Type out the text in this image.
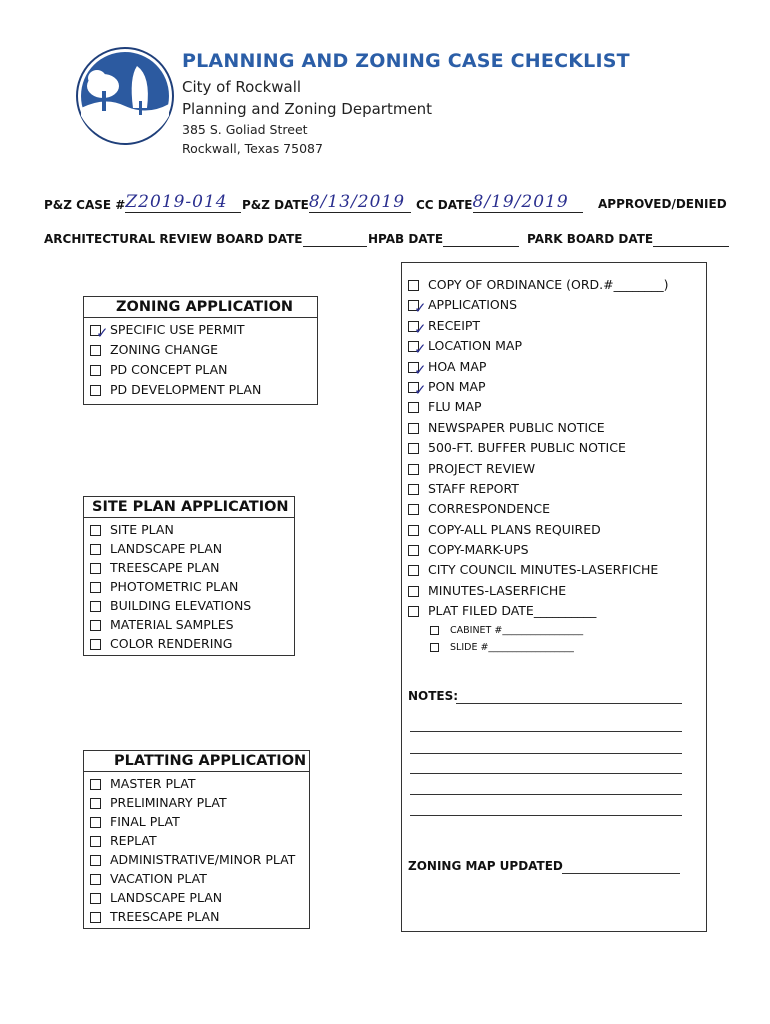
PLANNING AND ZONING CASE CHECKLIST
City of Rockwall
Planning and Zoning Department
385 S. Goliad Street
Rockwall, Texas 75087
P&Z CASE #Z2019-014	P&Z DATE8/13/2019 CC DATE8/19/2019	APPROVED/DENIED
ARCHITECTURAL REVIEW BOARD DATE	HPAB DATE	PARK BOARD DATE
ZONING APPLICATION
✓ SPECIFIC USE PERMIT
ZONING CHANGE
PD CONCEPT PLAN
PD DEVELOPMENT PLAN
SITE PLAN APPLICATION
SITE PLAN
LANDSCAPE PLAN
TREESCAPE PLAN
PHOTOMETRIC PLAN
BUILDING ELEVATIONS
MATERIAL SAMPLES
COLOR RENDERING
PLATTING APPLICATION
MASTER PLAT
PRELIMINARY PLAT
FINAL PLAT
REPLAT
ADMINISTRATIVE/MINOR PLAT
VACATION PLAT
LANDSCAPE PLAN
TREESCAPE PLAN
COPY OF ORDINANCE (ORD.#________)
✓ APPLICATIONS
✓ RECEIPT
✓ LOCATION MAP
✓ HOA MAP
✓ PON MAP
FLU MAP
NEWSPAPER PUBLIC NOTICE
500-FT. BUFFER PUBLIC NOTICE
PROJECT REVIEW
STAFF REPORT
CORRESPONDENCE
COPY-ALL PLANS REQUIRED
COPY-MARK-UPS
CITY COUNCIL MINUTES-LASERFICHE
MINUTES-LASERFICHE
PLAT FILED DATE__________
CABINET #_________________
SLIDE #__________________
NOTES:
ZONING MAP UPDATED
